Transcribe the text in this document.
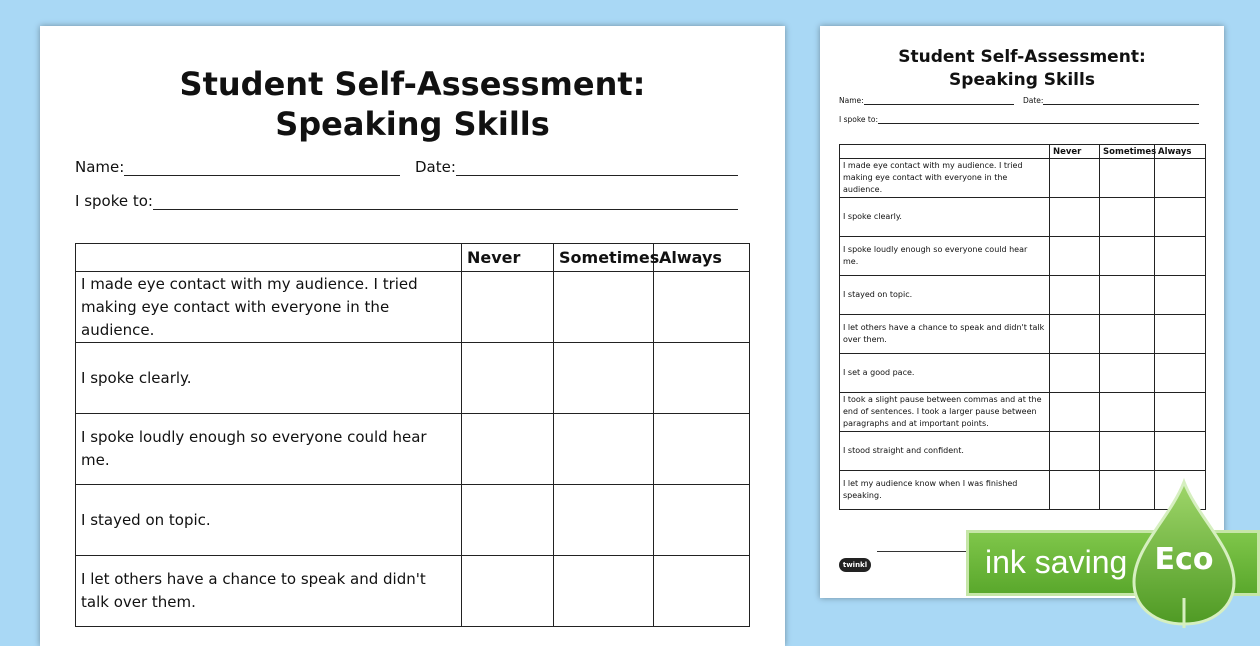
Student Self-Assessment:
Speaking Skills
Name:	Date:
I spoke to:
	Never	Sometimes	Always
I made eye contact with my audience. I tried making eye contact with everyone in the audience.			
I spoke clearly.			
I spoke loudly enough so everyone could hear me.			
I stayed on topic.			
I let others have a chance to speak and didn't talk over them.			
Student Self-Assessment:
Speaking Skills
Name:	Date:
I spoke to:
	Never	Sometimes	Always
I made eye contact with my audience. I tried making eye contact with everyone in the audience.			
I spoke clearly.			
I spoke loudly enough so everyone could hear me.			
I stayed on topic.			
I let others have a chance to speak and didn't talk over them.			
I set a good pace.			
I took a slight pause between commas and at the end of sentences. I took a larger pause between paragraphs and at important points.			
I stood straight and confident.			
I let my audience know when I was finished speaking.			
twinkl	ink saving Eco
